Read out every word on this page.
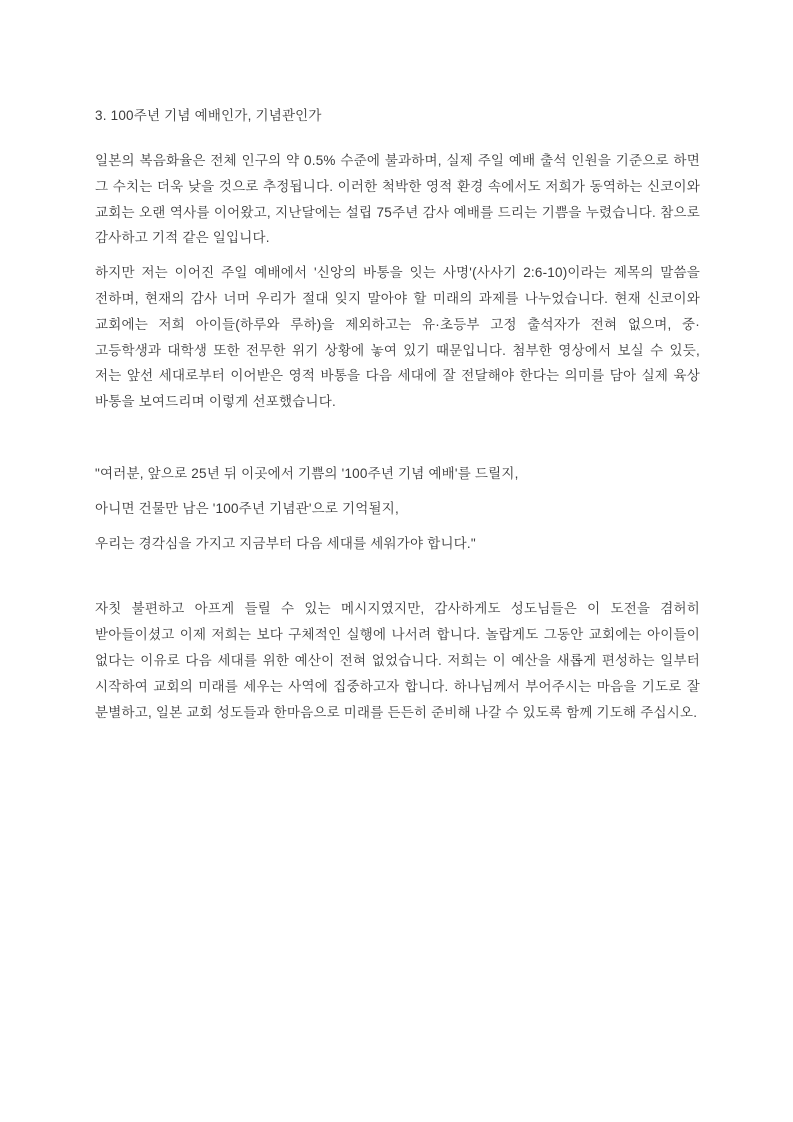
3. 100주년 기념 예배인가, 기념관인가

일본의 복음화율은 전체 인구의 약 0.5% 수준에 불과하며, 실제 주일 예배 출석 인원을 기준으로 하면 그 수치는 더욱 낮을 것으로 추정됩니다. 이러한 척박한 영적 환경 속에서도 저희가 동역하는 신코이와 교회는 오랜 역사를 이어왔고, 지난달에는 설립 75주년 감사 예배를 드리는 기쁨을 누렸습니다. 참으로 감사하고 기적 같은 일입니다.

하지만 저는 이어진 주일 예배에서 '신앙의 바통을 잇는 사명'(사사기 2:6-10)이라는 제목의 말씀을 전하며, 현재의 감사 너머 우리가 절대 잊지 말아야 할 미래의 과제를 나누었습니다. 현재 신코이와 교회에는 저희 아이들(하루와 루하)을 제외하고는 유·초등부 고정 출석자가 전혀 없으며, 중·고등학생과 대학생 또한 전무한 위기 상황에 놓여 있기 때문입니다. 첨부한 영상에서 보실 수 있듯, 저는 앞선 세대로부터 이어받은 영적 바통을 다음 세대에 잘 전달해야 한다는 의미를 담아 실제 육상 바통을 보여드리며 이렇게 선포했습니다.

"여러분, 앞으로 25년 뒤 이곳에서 기쁨의 '100주년 기념 예배'를 드릴지,

아니면 건물만 남은 '100주년 기념관'으로 기억될지,

우리는 경각심을 가지고 지금부터 다음 세대를 세워가야 합니다."

자칫 불편하고 아프게 들릴 수 있는 메시지였지만, 감사하게도 성도님들은 이 도전을 겸허히 받아들이셨고 이제 저희는 보다 구체적인 실행에 나서려 합니다. 놀랍게도 그동안 교회에는 아이들이 없다는 이유로 다음 세대를 위한 예산이 전혀 없었습니다. 저희는 이 예산을 새롭게 편성하는 일부터 시작하여 교회의 미래를 세우는 사역에 집중하고자 합니다. 하나님께서 부어주시는 마음을 기도로 잘 분별하고, 일본 교회 성도들과 한마음으로 미래를 든든히 준비해 나갈 수 있도록 함께 기도해 주십시오.
